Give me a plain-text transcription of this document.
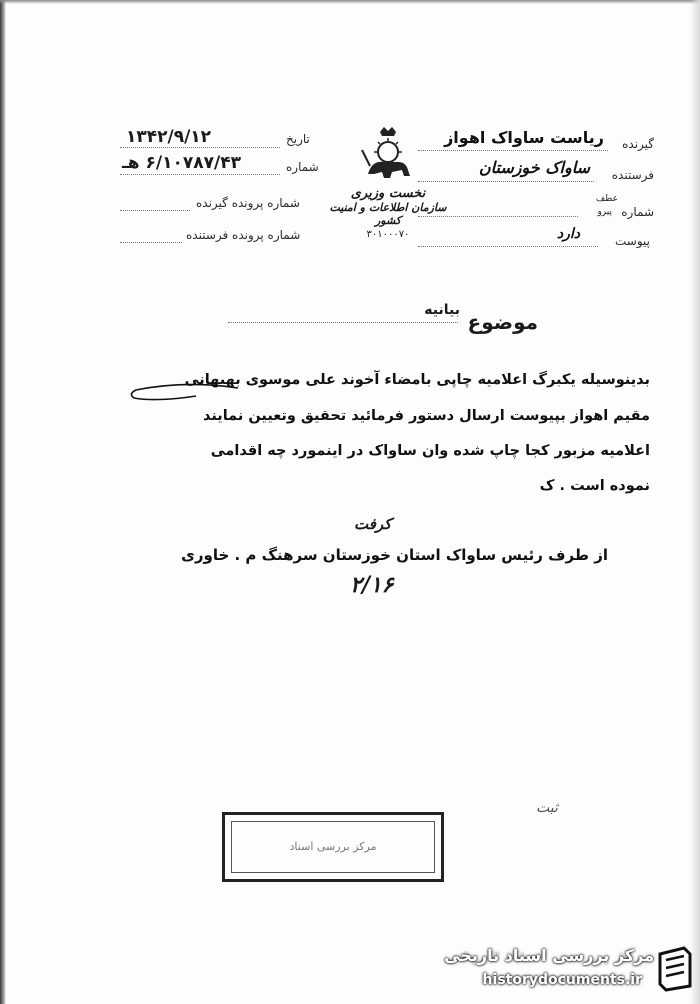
گیرنده
ریاست ساواک اهواز
فرستنده
ساواک خوزستان
شماره
عطف
پیرو
پیوست
دارد
نخست وزیری
سازمان اطلاعات و امنیت کشور
۳۰۱۰۰۰۷۰
تاریخ
۱۳۴۲/۹/۱۲
شماره
۶/۱۰۷۸۷/۴۳ هـ
شماره پرونده گیرنده
شماره پرونده فرستنده
موضوع
بیانیه
بدینوسیله یکبرگ اعلامیه چاپی بامضاء آخوند علی موسوی بهبهانی
مقیم اهواز بپیوست ارسال دستور فرمائید تحقیق وتعیین نمایند
اعلامیه مزبور کجا چاپ شده وان ساواک در اینمورد چه اقدامی
نموده است . ک
کرفت
از طرف رئیس ساواک استان خوزستان سرهنگ م . خاوری
۲/۱۶
ثبت
مرکز بررسی اسناد
مرکز بررسی اسناد تاریخی
historydocuments.ir
